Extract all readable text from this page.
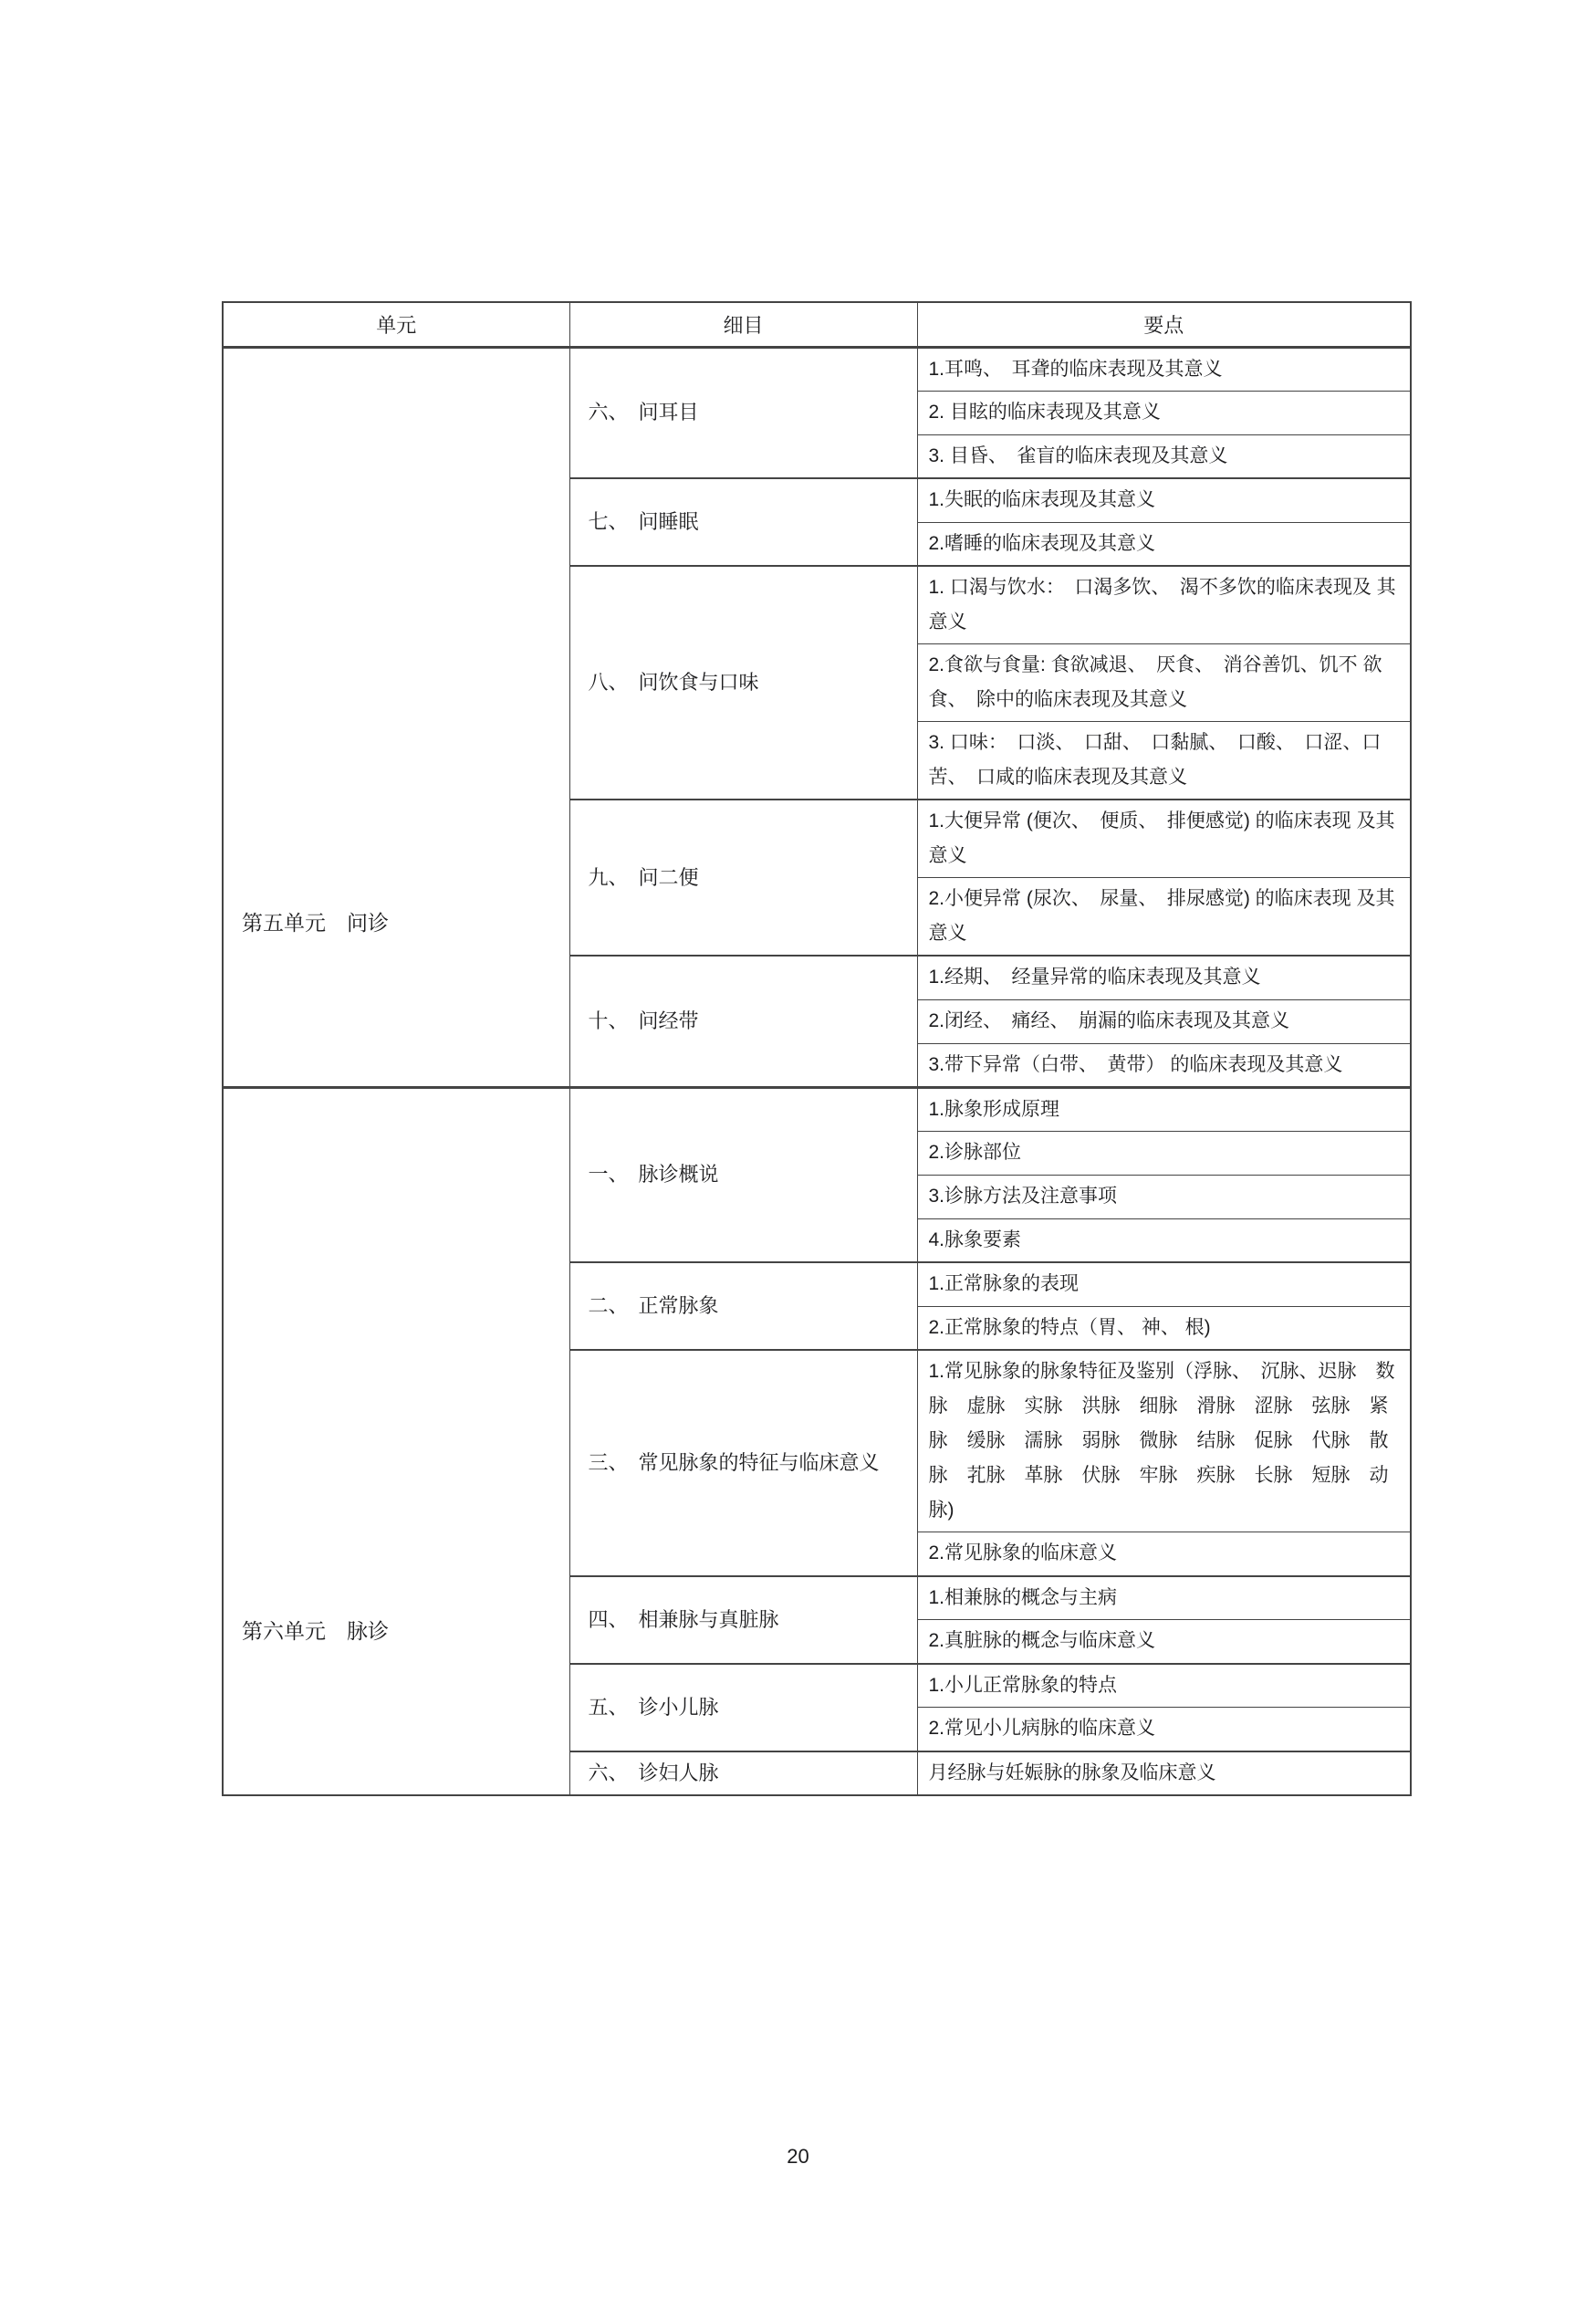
单元	细目	要点
第五单元　问诊	六、　问耳目	1.耳鸣、　耳聋的临床表现及其意义
		2. 目眩的临床表现及其意义
		3. 目昏、　雀盲的临床表现及其意义
	七、　问睡眠	1.失眠的临床表现及其意义
		2.嗜睡的临床表现及其意义
	八、　问饮食与口味	1. 口渴与饮水：　口渴多饮、　渴不多饮的临床表现及 其意义
		2.食欲与食量: 食欲减退、　厌食、　消谷善饥、饥不 欲食、　除中的临床表现及其意义
		3. 口味：　口淡、　口甜、　口黏腻、　口酸、　口涩、口 苦、　口咸的临床表现及其意义
	九、　问二便	1.大便异常 (便次、　便质、　排便感觉) 的临床表现 及其意义
		2.小便异常 (尿次、　尿量、　排尿感觉) 的临床表现 及其意义
	十、　问经带	1.经期、　经量异常的临床表现及其意义
		2.闭经、　痛经、　崩漏的临床表现及其意义
		3.带下异常（白带、　黄带） 的临床表现及其意义
第六单元　脉诊	一、　脉诊概说	1.脉象形成原理
		2.诊脉部位
		3.诊脉方法及注意事项
		4.脉象要素
	二、　正常脉象	1.正常脉象的表现
		2.正常脉象的特点（胃、 神、 根)
	三、　常见脉象的特征与临床意义	1.常见脉象的脉象特征及鉴别（浮脉、　沉脉、迟脉　数脉　虚脉　实脉　洪脉　细脉　滑脉　涩脉　弦脉　紧脉　缓脉　濡脉　弱脉　微脉　结脉　促脉　代脉　散脉　芤脉　革脉　伏脉　牢脉　疾脉　长脉　短脉　动脉)
		2.常见脉象的临床意义
	四、　相兼脉与真脏脉	1.相兼脉的概念与主病
		2.真脏脉的概念与临床意义
	五、　诊小儿脉	1.小儿正常脉象的特点
		2.常见小儿病脉的临床意义
	六、　诊妇人脉	月经脉与妊娠脉的脉象及临床意义
20
